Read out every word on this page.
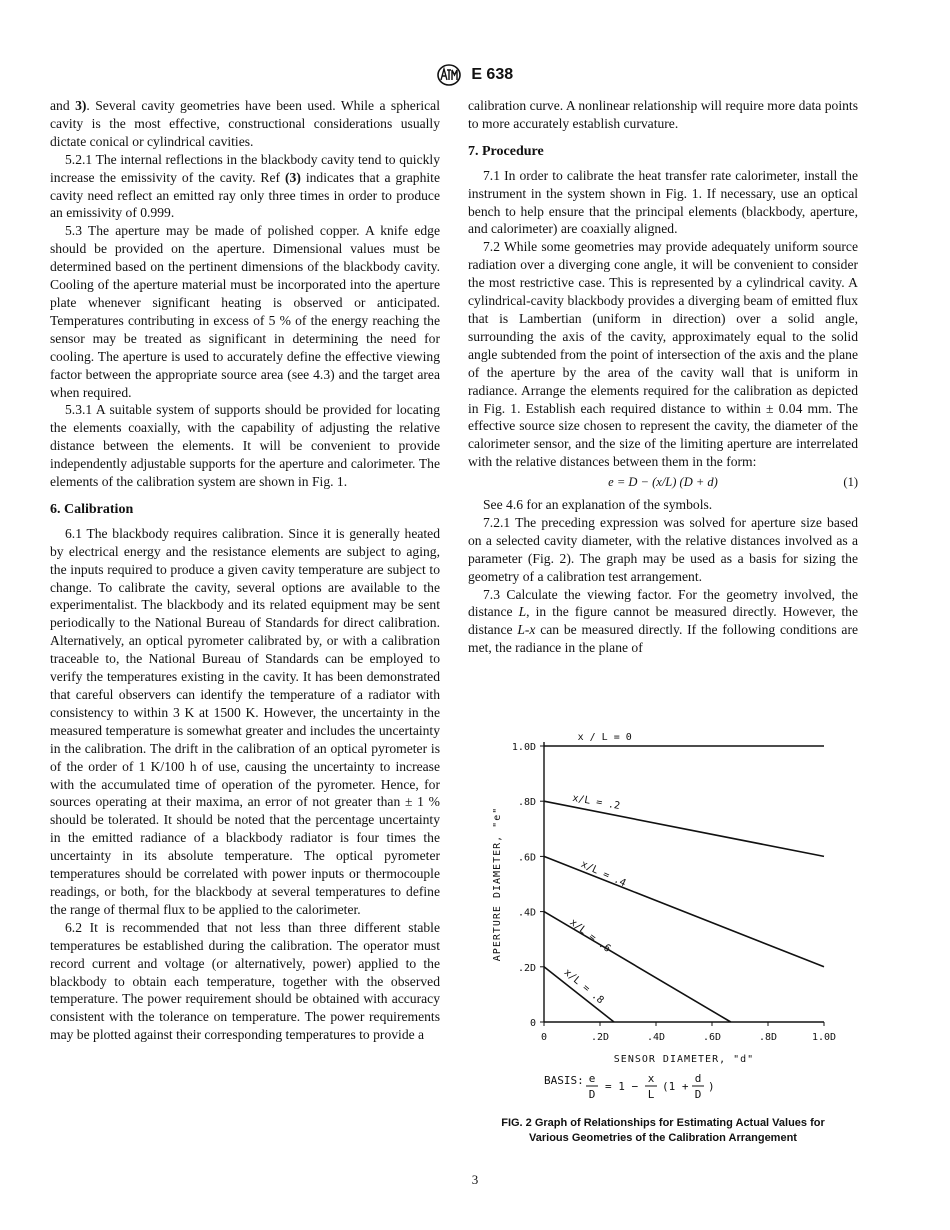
E 638

and 3). Several cavity geometries have been used. While a spherical cavity is the most effective, constructional considerations usually dictate conical or cylindrical cavities.

5.2.1 The internal reflections in the blackbody cavity tend to quickly increase the emissivity of the cavity. Ref (3) indicates that a graphite cavity need reflect an emitted ray only three times in order to produce an emissivity of 0.999.

5.3 The aperture may be made of polished copper. A knife edge should be provided on the aperture. Dimensional values must be determined based on the pertinent dimensions of the blackbody cavity. Cooling of the aperture material must be incorporated into the aperture plate whenever significant heating is observed or anticipated. Temperatures contributing in excess of 5 % of the energy reaching the sensor may be treated as significant in determining the need for cooling. The aperture is used to accurately define the effective viewing factor between the appropriate source area (see 4.3) and the target area when required.

5.3.1 A suitable system of supports should be provided for locating the elements coaxially, with the capability of adjusting the relative distance between the elements. It will be convenient to provide independently adjustable supports for the aperture and calorimeter. The elements of the calibration system are shown in Fig. 1.

6. Calibration

6.1 The blackbody requires calibration. Since it is generally heated by electrical energy and the resistance elements are subject to aging, the inputs required to produce a given cavity temperature are subject to change. To calibrate the cavity, several options are available to the experimentalist. The blackbody and its related equipment may be sent periodically to the National Bureau of Standards for direct calibration. Alternatively, an optical pyrometer calibrated by, or with a calibration traceable to, the National Bureau of Standards can be employed to verify the temperatures existing in the cavity. It has been demonstrated that careful observers can identify the temperature of a radiator with consistency to within 3 K at 1500 K. However, the uncertainty in the measured temperature is somewhat greater and includes the uncertainty in the calibration. The drift in the calibration of an optical pyrometer is of the order of 1 K/100 h of use, causing the uncertainty to increase with the accumulated time of operation of the pyrometer. Hence, for sources operating at their maxima, an error of not greater than ± 1 % should be tolerated. It should be noted that the percentage uncertainty in the emitted radiance of a blackbody radiator is four times the uncertainty in its absolute temperature. The optical pyrometer temperatures should be correlated with power inputs or thermocouple readings, or both, for the blackbody at several temperatures to define the range of thermal flux to be applied to the calorimeter.

6.2 It is recommended that not less than three different stable temperatures be established during the calibration. The operator must record current and voltage (or alternatively, power) applied to the blackbody to obtain each temperature, together with the observed temperature. The power requirement should be obtained with accuracy consistent with the tolerance on temperature. The power requirements may be plotted against their corresponding temperatures to provide a

calibration curve. A nonlinear relationship will require more data points to more accurately establish curvature.

7. Procedure

7.1 In order to calibrate the heat transfer rate calorimeter, install the instrument in the system shown in Fig. 1. If necessary, use an optical bench to help ensure that the principal elements (blackbody, aperture, and calorimeter) are coaxially aligned.

7.2 While some geometries may provide adequately uniform source radiation over a diverging cone angle, it will be convenient to consider the most restrictive case. This is represented by a cylindrical cavity. A cylindrical-cavity blackbody provides a diverging beam of emitted flux that is Lambertian (uniform in direction) over a solid angle, surrounding the axis of the cavity, approximately equal to the solid angle subtended from the point of intersection of the axis and the plane of the aperture by the area of the cavity wall that is uniform in radiance. Arrange the elements required for the calibration as depicted in Fig. 1. Establish each required distance to within ± 0.04 mm. The effective source size chosen to represent the cavity, the diameter of the calorimeter sensor, and the size of the limiting aperture are interrelated with the relative distances between them in the form:

e = D − (x/L) (D + d)	(1)

See 4.6 for an explanation of the symbols.

7.2.1 The preceding expression was solved for aperture size based on a selected cavity diameter, with the relative distances involved as a parameter (Fig. 2). The graph may be used as a basis for sizing the geometry of a calibration test arrangement.

7.3 Calculate the viewing factor. For the geometry involved, the distance L, in the figure cannot be measured directly. However, the distance L-x can be measured directly. If the following conditions are met, the radiance in the plane of

0	.2D	.4D	.6D	.8D	1.0D
0
.2D
.4D
.6D
.8D
1.0D
SENSOR DIAMETER, "d"
APERTURE DIAMETER, "e"
x / L = 0
x/L = .2
x/L = .4
x/L = .6
x/L = .8
BASIS: e
D
= 1 −
x
L
(1 +
d
D
)
FIG. 2 Graph of Relationships for Estimating Actual Values for
Various Geometries of the Calibration Arrangement
3
